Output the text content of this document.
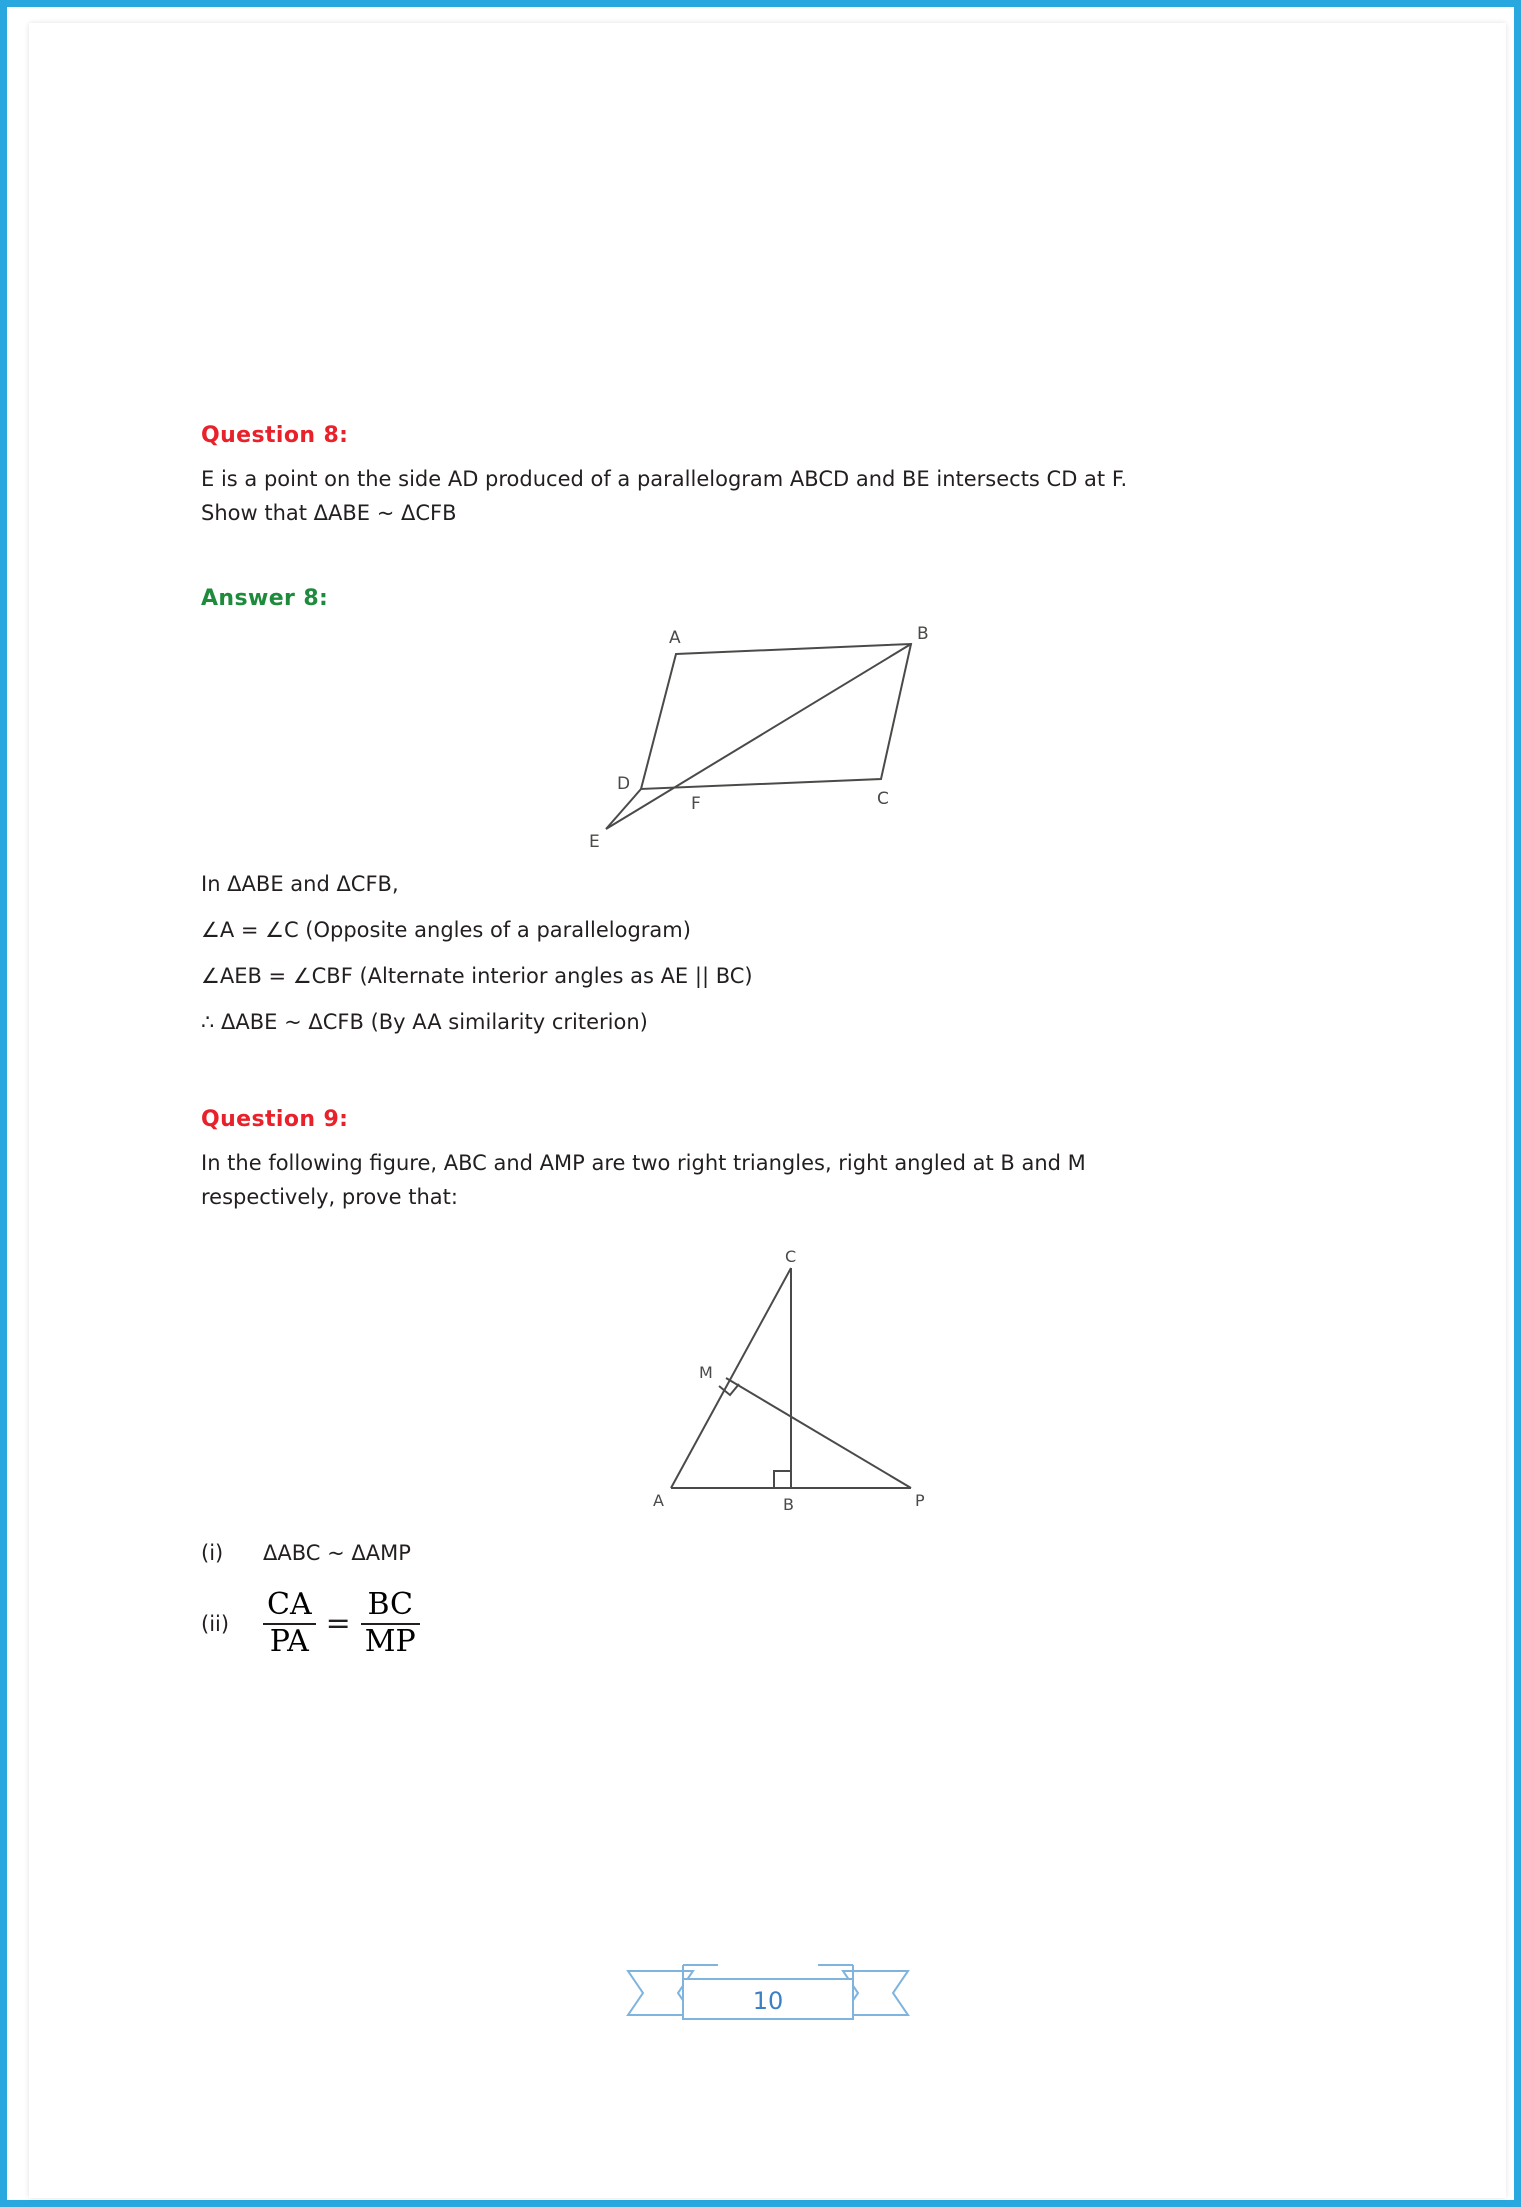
Question 8:

E is a point on the side AD produced of a parallelogram ABCD and BE intersects CD at F.

Show that ΔABE ~ ΔCFB

Answer 8:

A	B
C
D
E
F

In ΔABE and ΔCFB,

∠A = ∠C (Opposite angles of a parallelogram)

∠AEB = ∠CBF (Alternate interior angles as AE || BC)

∴ ΔABE ~ ΔCFB (By AA similarity criterion)

Question 9:

In the following figure, ABC and AMP are two right triangles, right angled at B and M

respectively, prove that:

A	B	P
C
M
(i)	ΔABC ~ ΔAMP
(ii)	$\frac{CA}{PA} = \frac{BC}{MP}$
10
